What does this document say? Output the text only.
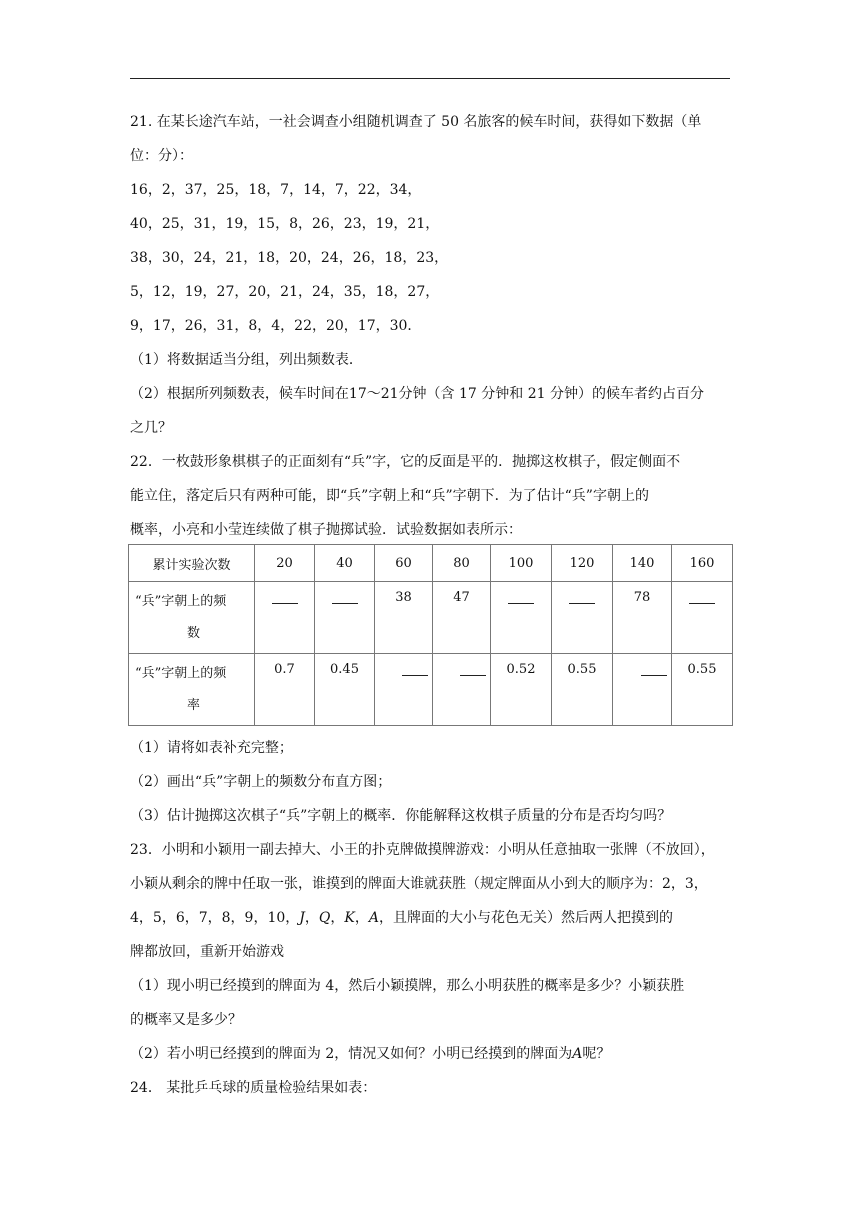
21. 在某长途汽车站，一社会调查小组随机调查了 50 名旅客的候车时间，获得如下数据（单
位：分）：
16，2，37，25，18，7，14，7，22，34，
40，25，31，19，15，8，26，23，19，21，
38，30，24，21，18，20，24，26，18，23，
5，12，19，27，20，21，24，35，18，27，
9，17，26，31，8，4，22，20，17，30．
（1）将数据适当分组，列出频数表．
（2）根据所列频数表，候车时间在17～21分钟（含 17 分钟和 21 分钟）的候车者约占百分
之几？
22．一枚鼓形象棋棋子的正面刻有“兵”字，它的反面是平的．抛掷这枚棋子，假定侧面不
能立住，落定后只有两种可能，即“兵”字朝上和“兵”字朝下．为了估计“兵”字朝上的
概率，小亮和小莹连续做了棋子抛掷试验．试验数据如表所示：
累计实验次数	20	40	60	80	100	120	140	160

“兵”字朝上的频
数			38	47			78	

“兵”字朝上的频
率	0.7	0.45			0.52	0.55		0.55
（1）请将如表补充完整；
（2）画出“兵”字朝上的频数分布直方图；
（3）估计抛掷这次棋子“兵”字朝上的概率．你能解释这枚棋子质量的分布是否均匀吗？
23．小明和小颖用一副去掉大、小王的扑克牌做摸牌游戏：小明从任意抽取一张牌（不放回），
小颖从剩余的牌中任取一张，谁摸到的牌面大谁就获胜（规定牌面从小到大的顺序为：2，3，
4，5，6，7，8，9，10，J，Q，K，A，且牌面的大小与花色无关）然后两人把摸到的
牌都放回，重新开始游戏
（1）现小明已经摸到的牌面为 4，然后小颖摸牌，那么小明获胜的概率是多少？小颖获胜
的概率又是多少？
（2）若小明已经摸到的牌面为 2，情况又如何？小明已经摸到的牌面为A呢？
24． 某批乒乓球的质量检验结果如表：
